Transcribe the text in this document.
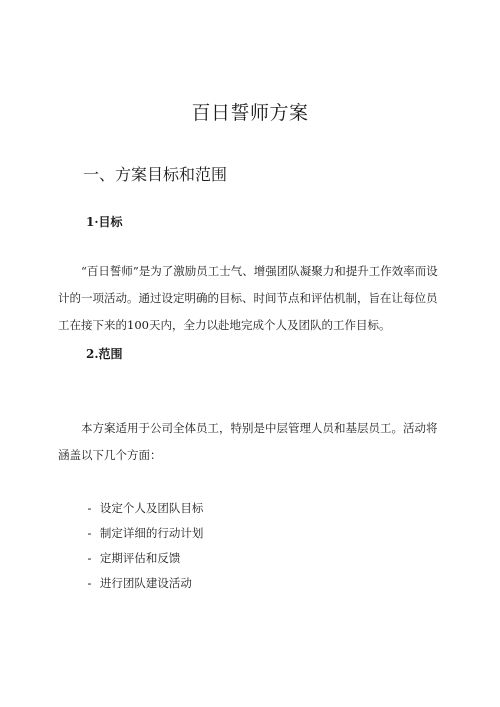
百日誓师方案
一、方案目标和范围
1·目标

“百日誓师”是为了激励员工士气、增强团队凝聚力和提升工作效率而设计的一项活动。通过设定明确的目标、时间节点和评估机制，旨在让每位员工在接下来的100天内，全力以赴地完成个人及团队的工作目标。

2.范围

本方案适用于公司全体员工，特别是中层管理人员和基层员工。活动将涵盖以下几个方面：

- 设定个人及团队目标
- 制定详细的行动计划
- 定期评估和反馈
- 进行团队建设活动
